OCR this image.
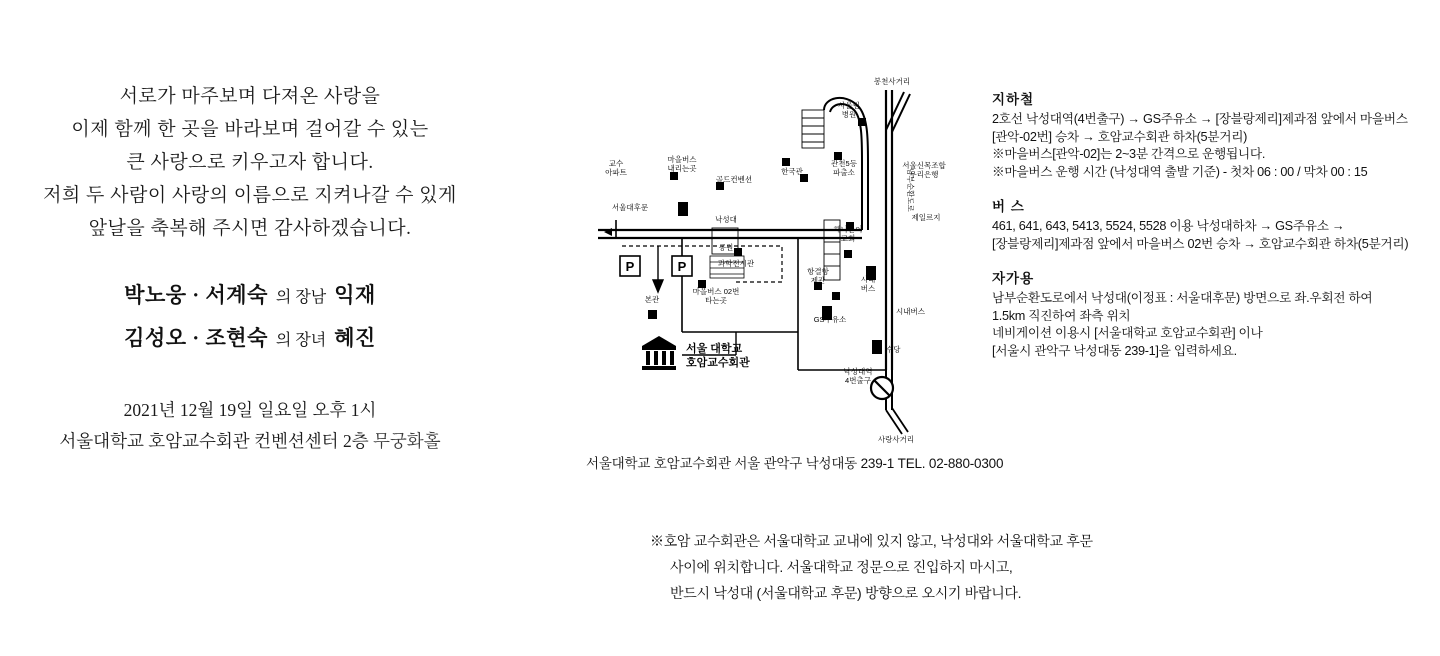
서로가 마주보며 다져온 사랑을
이제 함께 한 곳을 바라보며 걸어갈 수 있는
큰 사랑으로 키우고자 합니다.
저희 두 사람이 사랑의 이름으로 지켜나갈 수 있게
앞날을 축복해 주시면 감사하겠습니다.
박노웅 · 서계숙 의 장남 익재
김성오 · 조현숙 의 장녀 혜진
2021년 12월 19일 일요일 오후 1시
서울대학교 호암교수회관 컨벤션센터 2층 무궁화홀
P	P
봉천사거리
사울림
병원
관천5등
파출소	남부순환도로
서울신목조합
우리은행
제일르지
교수
아파트
마을버스
내리는곳
골드컨벤션
한국관
서울대후문
낙성대
공원
과학전시관
해나는이
교회
항결항
제관	시내
버스
본관
마을버스 02번
타는곳
GS주유소
시내버스
수당
낙성대역
4번출구
사랑사거리
서울 대학교
호암교수회관
서울대학교 호암교수회관 서울 관악구 낙성대동 239-1 TEL. 02-880-0300
지하철
2호선 낙성대역(4번출구) → GS주유소 → [장블랑제리]제과점 앞에서 마을버스
[관악-02번] 승차 → 호암교수회관 하차(5분거리)
※마을버스[관악-02]는 2~3분 간격으로 운행됩니다.
※마을버스 운행 시간 (낙성대역 출발 기준) - 첫차 06 : 00 / 막차 00 : 15
버 스
461, 641, 643, 5413, 5524, 5528 이용 낙성대하차 → GS주유소 →
[장블랑제리]제과점 앞에서 마을버스 02번 승차 → 호암교수회관 하차(5분거리)
자가용
남부순환도로에서 낙성대(이정표 : 서울대후문) 방면으로 좌.우회전 하여
1.5km 직진하여 좌측 위치
네비게이션 이용시 [서울대학교 호암교수회관] 이나
[서울시 관악구 낙성대동 239-1]을 입력하세요.
※호암 교수회관은 서울대학교 교내에 있지 않고, 낙성대와 서울대학교 후문
사이에 위치합니다. 서울대학교 정문으로 진입하지 마시고,
반드시 낙성대 (서울대학교 후문) 방향으로 오시기 바랍니다.
